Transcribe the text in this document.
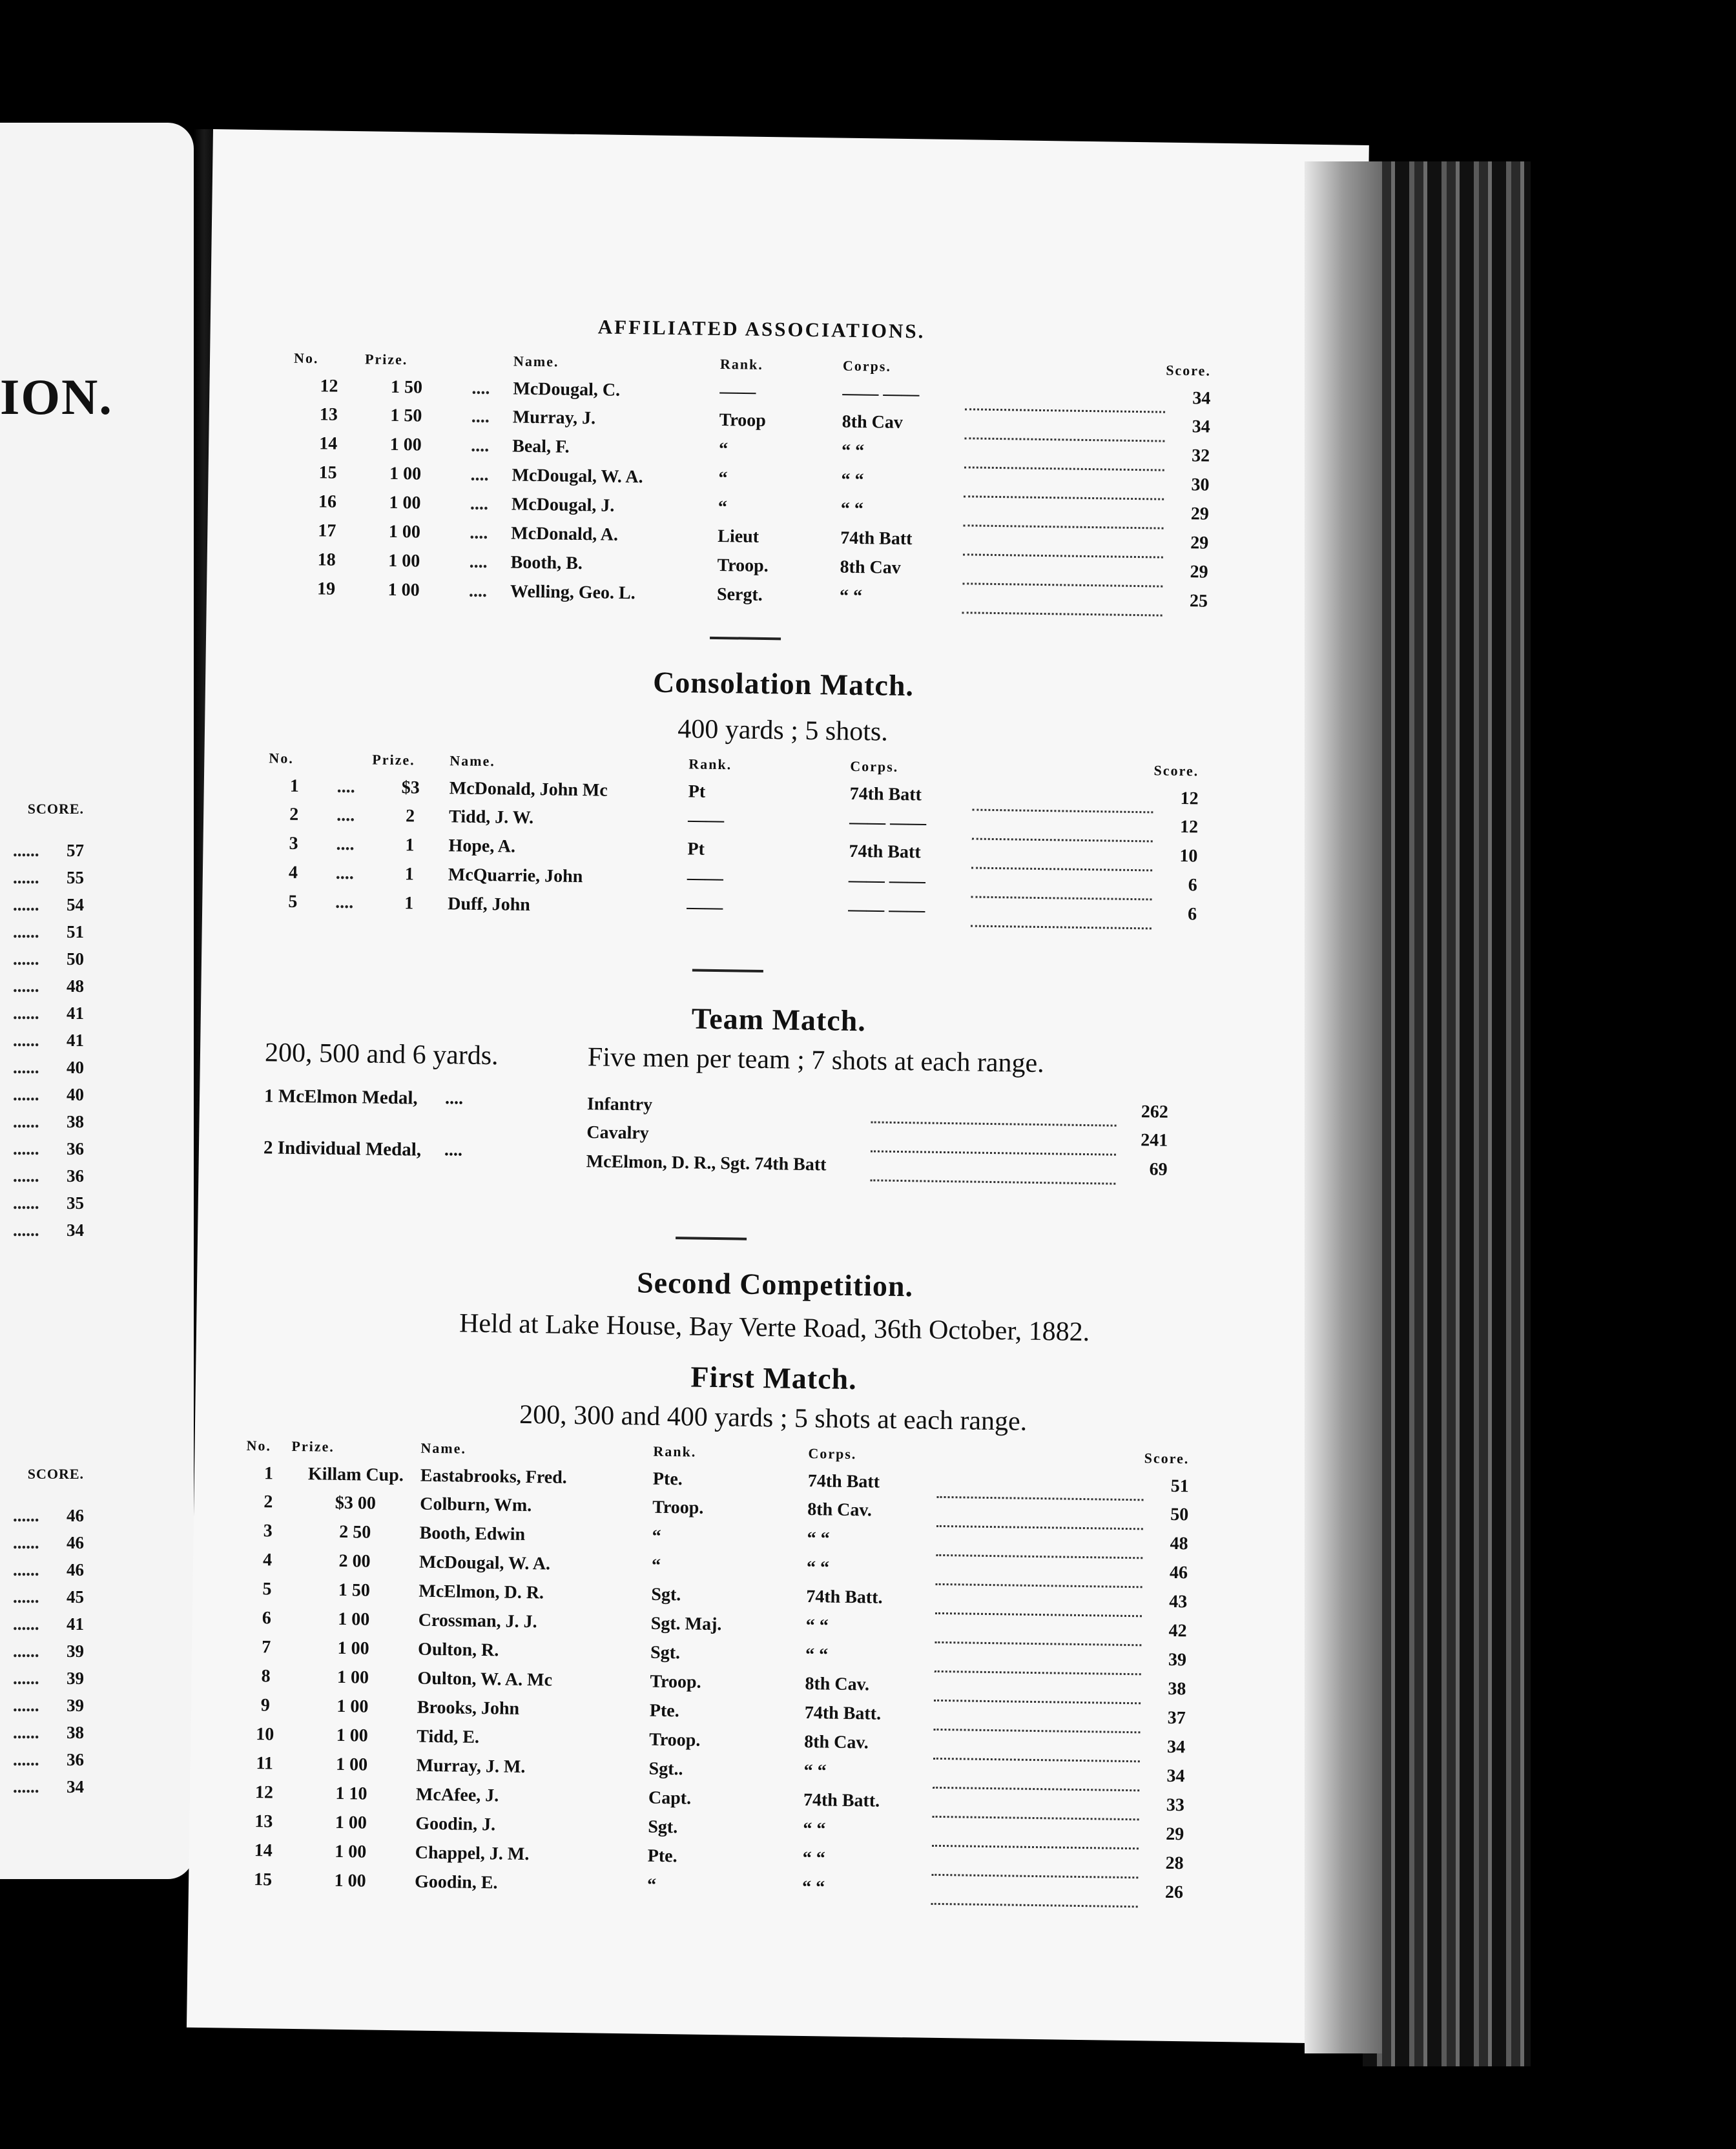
ION.
SCORE.
...... 57
...... 55
...... 54
...... 51
...... 50
...... 48
...... 41
...... 41
...... 40
...... 40
...... 38
...... 36
...... 36
...... 35
...... 34
SCORE.
...... 46
...... 46
...... 46
...... 45
...... 41
...... 39
...... 39
...... 39
...... 38
...... 36
...... 34
AFFILIATED ASSOCIATIONS.
No.	Prize.		Name.	Rank.	Corps.		Score.
12	1 50	....	McDougal, C.	——	—— ——		34
13	1 50	....	Murray, J.	Troop	8th Cav		34
14	1 00	....	Beal, F.	“	“ “		32
15	1 00	....	McDougal, W. A.	“	“ “		30
16	1 00	....	McDougal, J.	“	“ “		29
17	1 00	....	McDonald, A.	Lieut	74th Batt		29
18	1 00	....	Booth, B.	Troop.	8th Cav		29
19	1 00	....	Welling, Geo. L.	Sergt.	“ “		25
Consolation Match.
400 yards ; 5 shots.
No.		Prize.	Name.	Rank.	Corps.		Score.
1	....	$3	McDonald, John Mc	Pt	74th Batt		12
2	....	2	Tidd, J. W.	——	—— ——		12
3	....	1	Hope, A.	Pt	74th Batt		10
4	....	1	McQuarrie, John	——	—— ——		6
5	....	1	Duff, John	——	—— ——		6
Team Match.
200, 500 and 6 yards.	Five men per team ; 7 shots at each range.
1 McElmon Medal,
2 Individual Medal,
....
....
Infantry		262
Cavalry		241
McElmon, D. R., Sgt. 74th Batt		69
Second Competition.
Held at Lake House, Bay Verte Road, 36th October, 1882.
First Match.
200, 300 and 400 yards ; 5 shots at each range.
No.	Prize.	Name.	Rank.	Corps.		Score.
1	Killam Cup.	Eastabrooks, Fred.	Pte.	74th Batt		51
2	$3 00	Colburn, Wm.	Troop.	8th Cav.		50
3	2 50	Booth, Edwin	“	“ “		48
4	2 00	McDougal, W. A.	“	“ “		46
5	1 50	McElmon, D. R.	Sgt.	74th Batt.		43
6	1 00	Crossman, J. J.	Sgt. Maj.	“ “		42
7	1 00	Oulton, R.	Sgt.	“ “		39
8	1 00	Oulton, W. A. Mc	Troop.	8th Cav.		38
9	1 00	Brooks, John	Pte.	74th Batt.		37
10	1 00	Tidd, E.	Troop.	8th Cav.		34
11	1 00	Murray, J. M.	Sgt..	“ “		34
12	1 10	McAfee, J.	Capt.	74th Batt.		33
13	1 00	Goodin, J.	Sgt.	“ “		29
14	1 00	Chappel, J. M.	Pte.	“ “		28
15	1 00	Goodin, E.	“	“ “		26
